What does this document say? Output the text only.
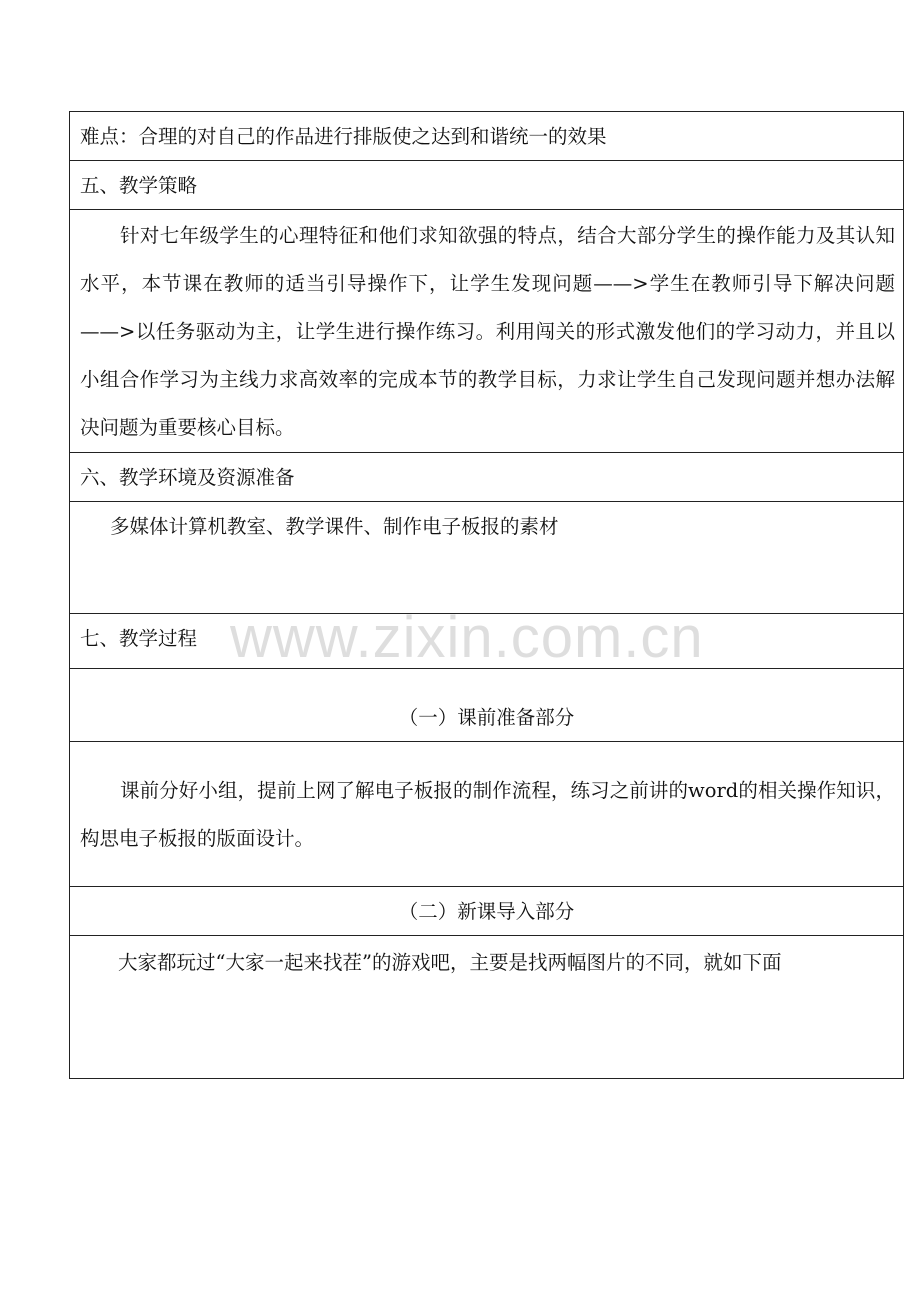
难点：合理的对自己的作品进行排版使之达到和谐统一的效果
五、教学策略

针对七年级学生的心理特征和他们求知欲强的特点，结合大部分学生的操作能力及其认知水平，本节课在教师的适当引导操作下，让学生发现问题——>学生在教师引导下解决问题——>以任务驱动为主，让学生进行操作练习。利用闯关的形式激发他们的学习动力，并且以小组合作学习为主线力求高效率的完成本节的教学目标，力求让学生自己发现问题并想办法解决问题为重要核心目标。

六、教学环境及资源准备
多媒体计算机教室、教学课件、制作电子板报的素材
七、教学过程
（一）课前准备部分

课前分好小组，提前上网了解电子板报的制作流程，练习之前讲的word的相关操作知识，构思电子板报的版面设计。

（二）新课导入部分
大家都玩过“大家一起来找茬”的游戏吧，主要是找两幅图片的不同，就如下面
www.zixin.com.cn
